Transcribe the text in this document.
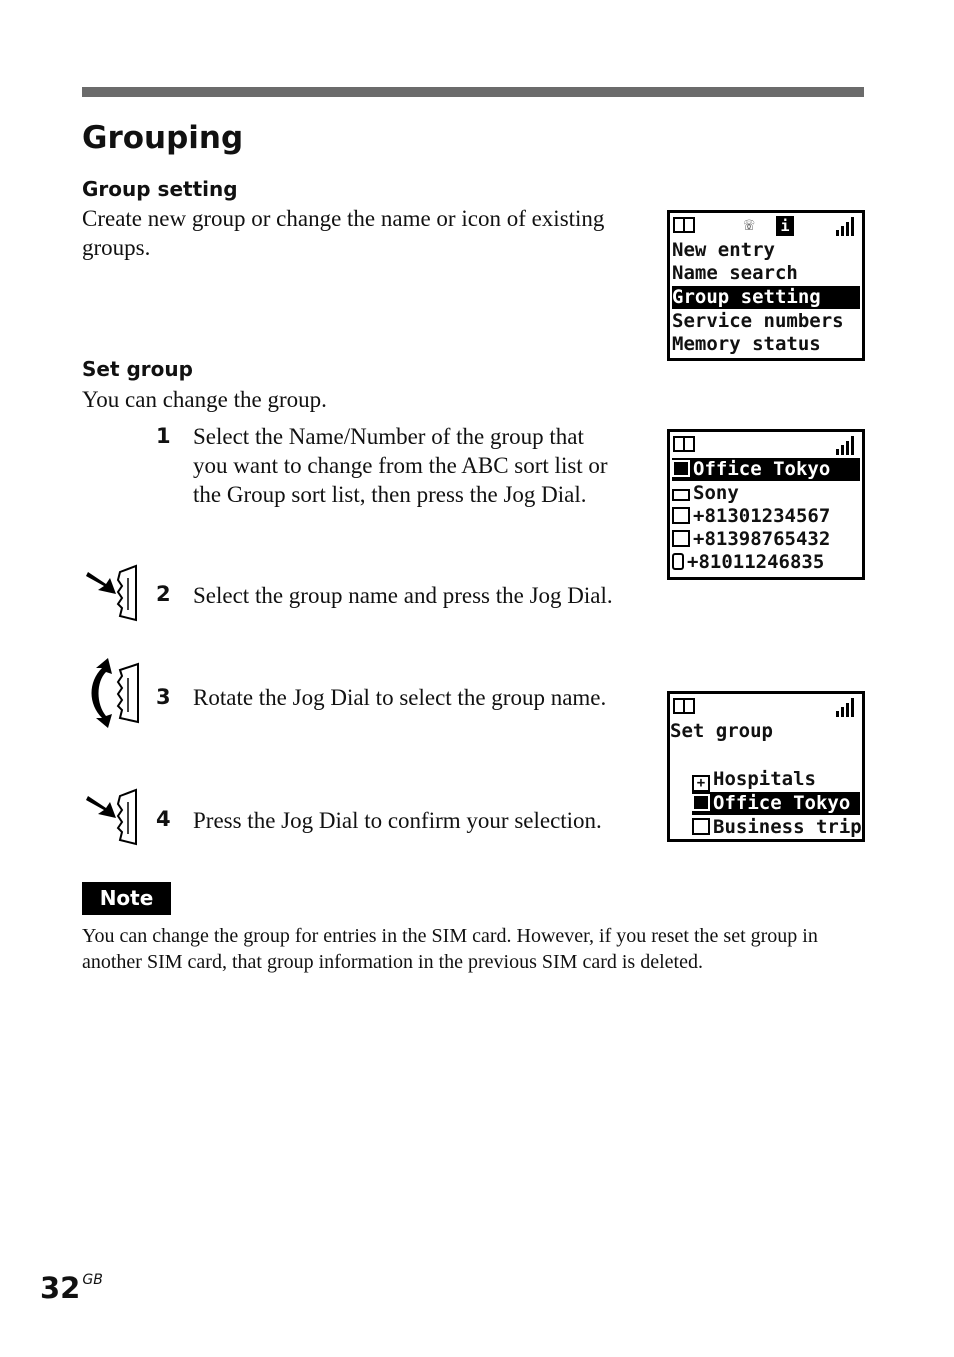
Grouping
Group setting
Create new group or change the name or icon of existing groups.
Set group
You can change the group.
1 Select the Name/Number of the group that you want to change from the ABC sort list or the Group sort list, then press the Jog Dial.
2 Select the group name and press the Jog Dial.
3 Rotate the Jog Dial to select the group name.
4 Press the Jog Dial to confirm your selection.
☏ i
New entry
Name search
Group setting
Service numbers
Memory status
Office Tokyo
Sony
+81301234567
+81398765432
+81011246835
Set group
+ Hospitals
Office Tokyo
Business trip
Note
You can change the group for entries in the SIM card. However, if you reset the set group in another SIM card, that group information in the previous SIM card is deleted.
32 $^{GB}$
